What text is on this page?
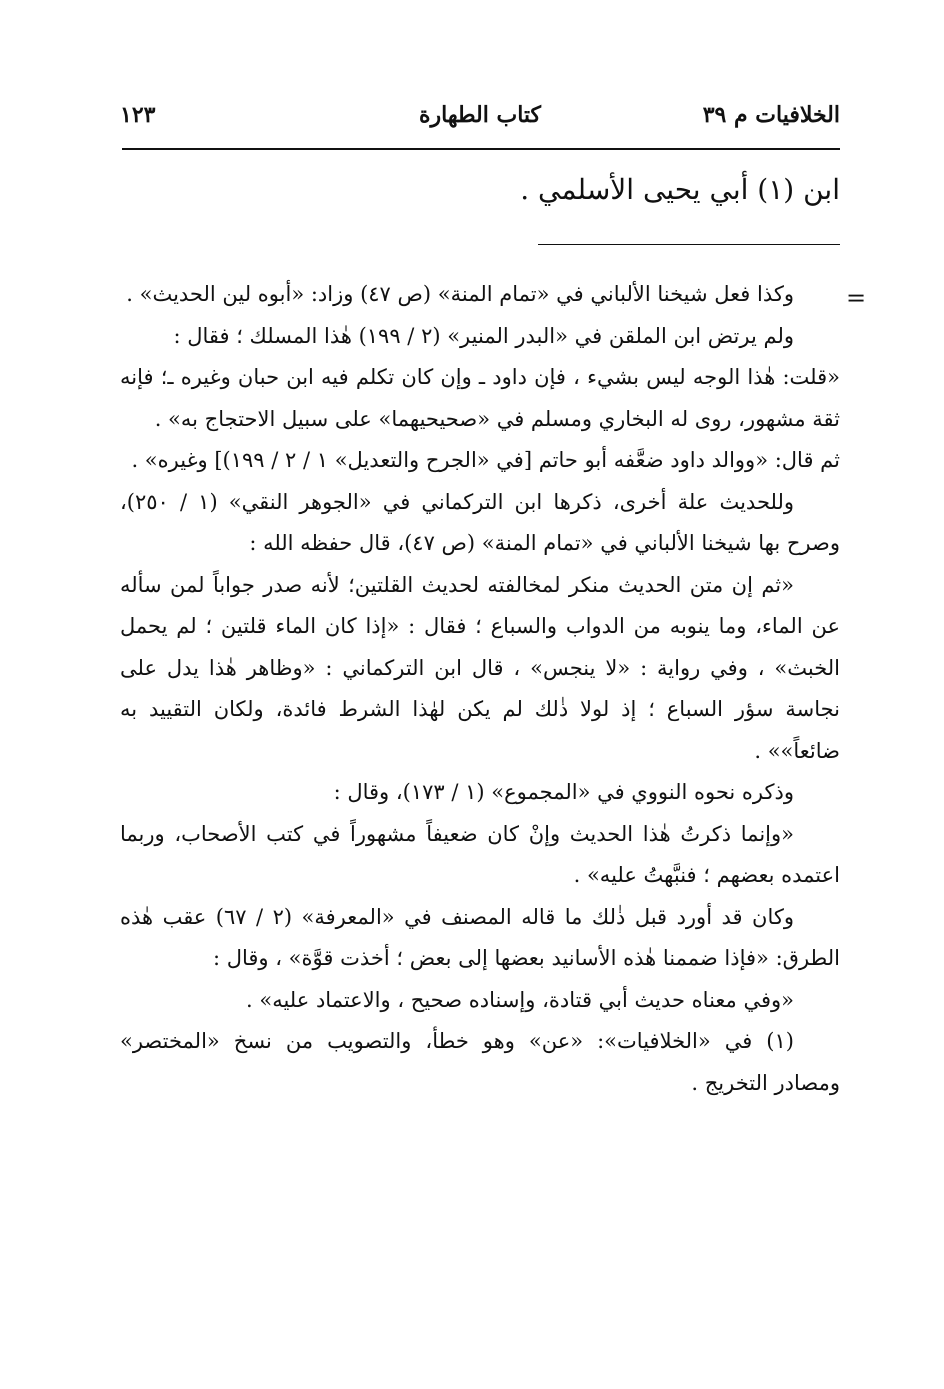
الخلافيات م ٣٩
كتاب الطهارة
١٢٣
ابن (١) أبي يحيى الأسلمي .
=

وكذا فعل شيخنا الألباني في «تمام المنة» (ص ٤٧) وزاد: «أبوه لين الحديث» .

ولم يرتض ابن الملقن في «البدر المنير» (٢ / ١٩٩) هٰذا المسلك ؛ فقال :

«قلت: هٰذا الوجه ليس بشيء ، فإن داود ـ وإن كان تكلم فيه ابن حبان وغيره ـ؛ فإنه ثقة مشهور، روى له البخاري ومسلم في «صحيحيهما» على سبيل الاحتجاج به» .

ثم قال: «ووالد داود ضعَّفه أبو حاتم [في «الجرح والتعديل» ١ / ٢ / ١٩٩)] وغيره» .

وللحديث علة أخرى، ذكرها ابن التركماني في «الجوهر النقي» (١ / ٢٥٠)، وصرح بها شيخنا الألباني في «تمام المنة» (ص ٤٧)، قال حفظه الله :

«ثم إن متن الحديث منكر لمخالفته لحديث القلتين؛ لأنه صدر جواباً لمن سأله عن الماء، وما ينوبه من الدواب والسباع ؛ فقال : «إذا كان الماء قلتين ؛ لم يحمل الخبث» ، وفي رواية : «لا ينجس» ، قال ابن التركماني : «وظاهر هٰذا يدل على نجاسة سؤر السباع ؛ إذ لولا ذٰلك لم يكن لهٰذا الشرط فائدة، ولكان التقييد به ضائعاً»» .

وذكره نحوه النووي في «المجموع» (١ / ١٧٣)، وقال :

«وإنما ذكرتُ هٰذا الحديث وإنْ كان ضعيفاً مشهوراً في كتب الأصحاب، وربما اعتمده بعضهم ؛ فنبَّهتُ عليه» .

وكان قد أورد قبل ذٰلك ما قاله المصنف في «المعرفة» (٢ / ٦٧) عقب هٰذه الطرق: «فإذا ضممنا هٰذه الأسانيد بعضها إلى بعض ؛ أخذت قوَّة» ، وقال :

«وفي معناه حديث أبي قتادة، وإسناده صحيح ، والاعتماد عليه» .

(١) في «الخلافيات»: «عن» وهو خطأ، والتصويب من نسخ «المختصر» ومصادر التخريج .
